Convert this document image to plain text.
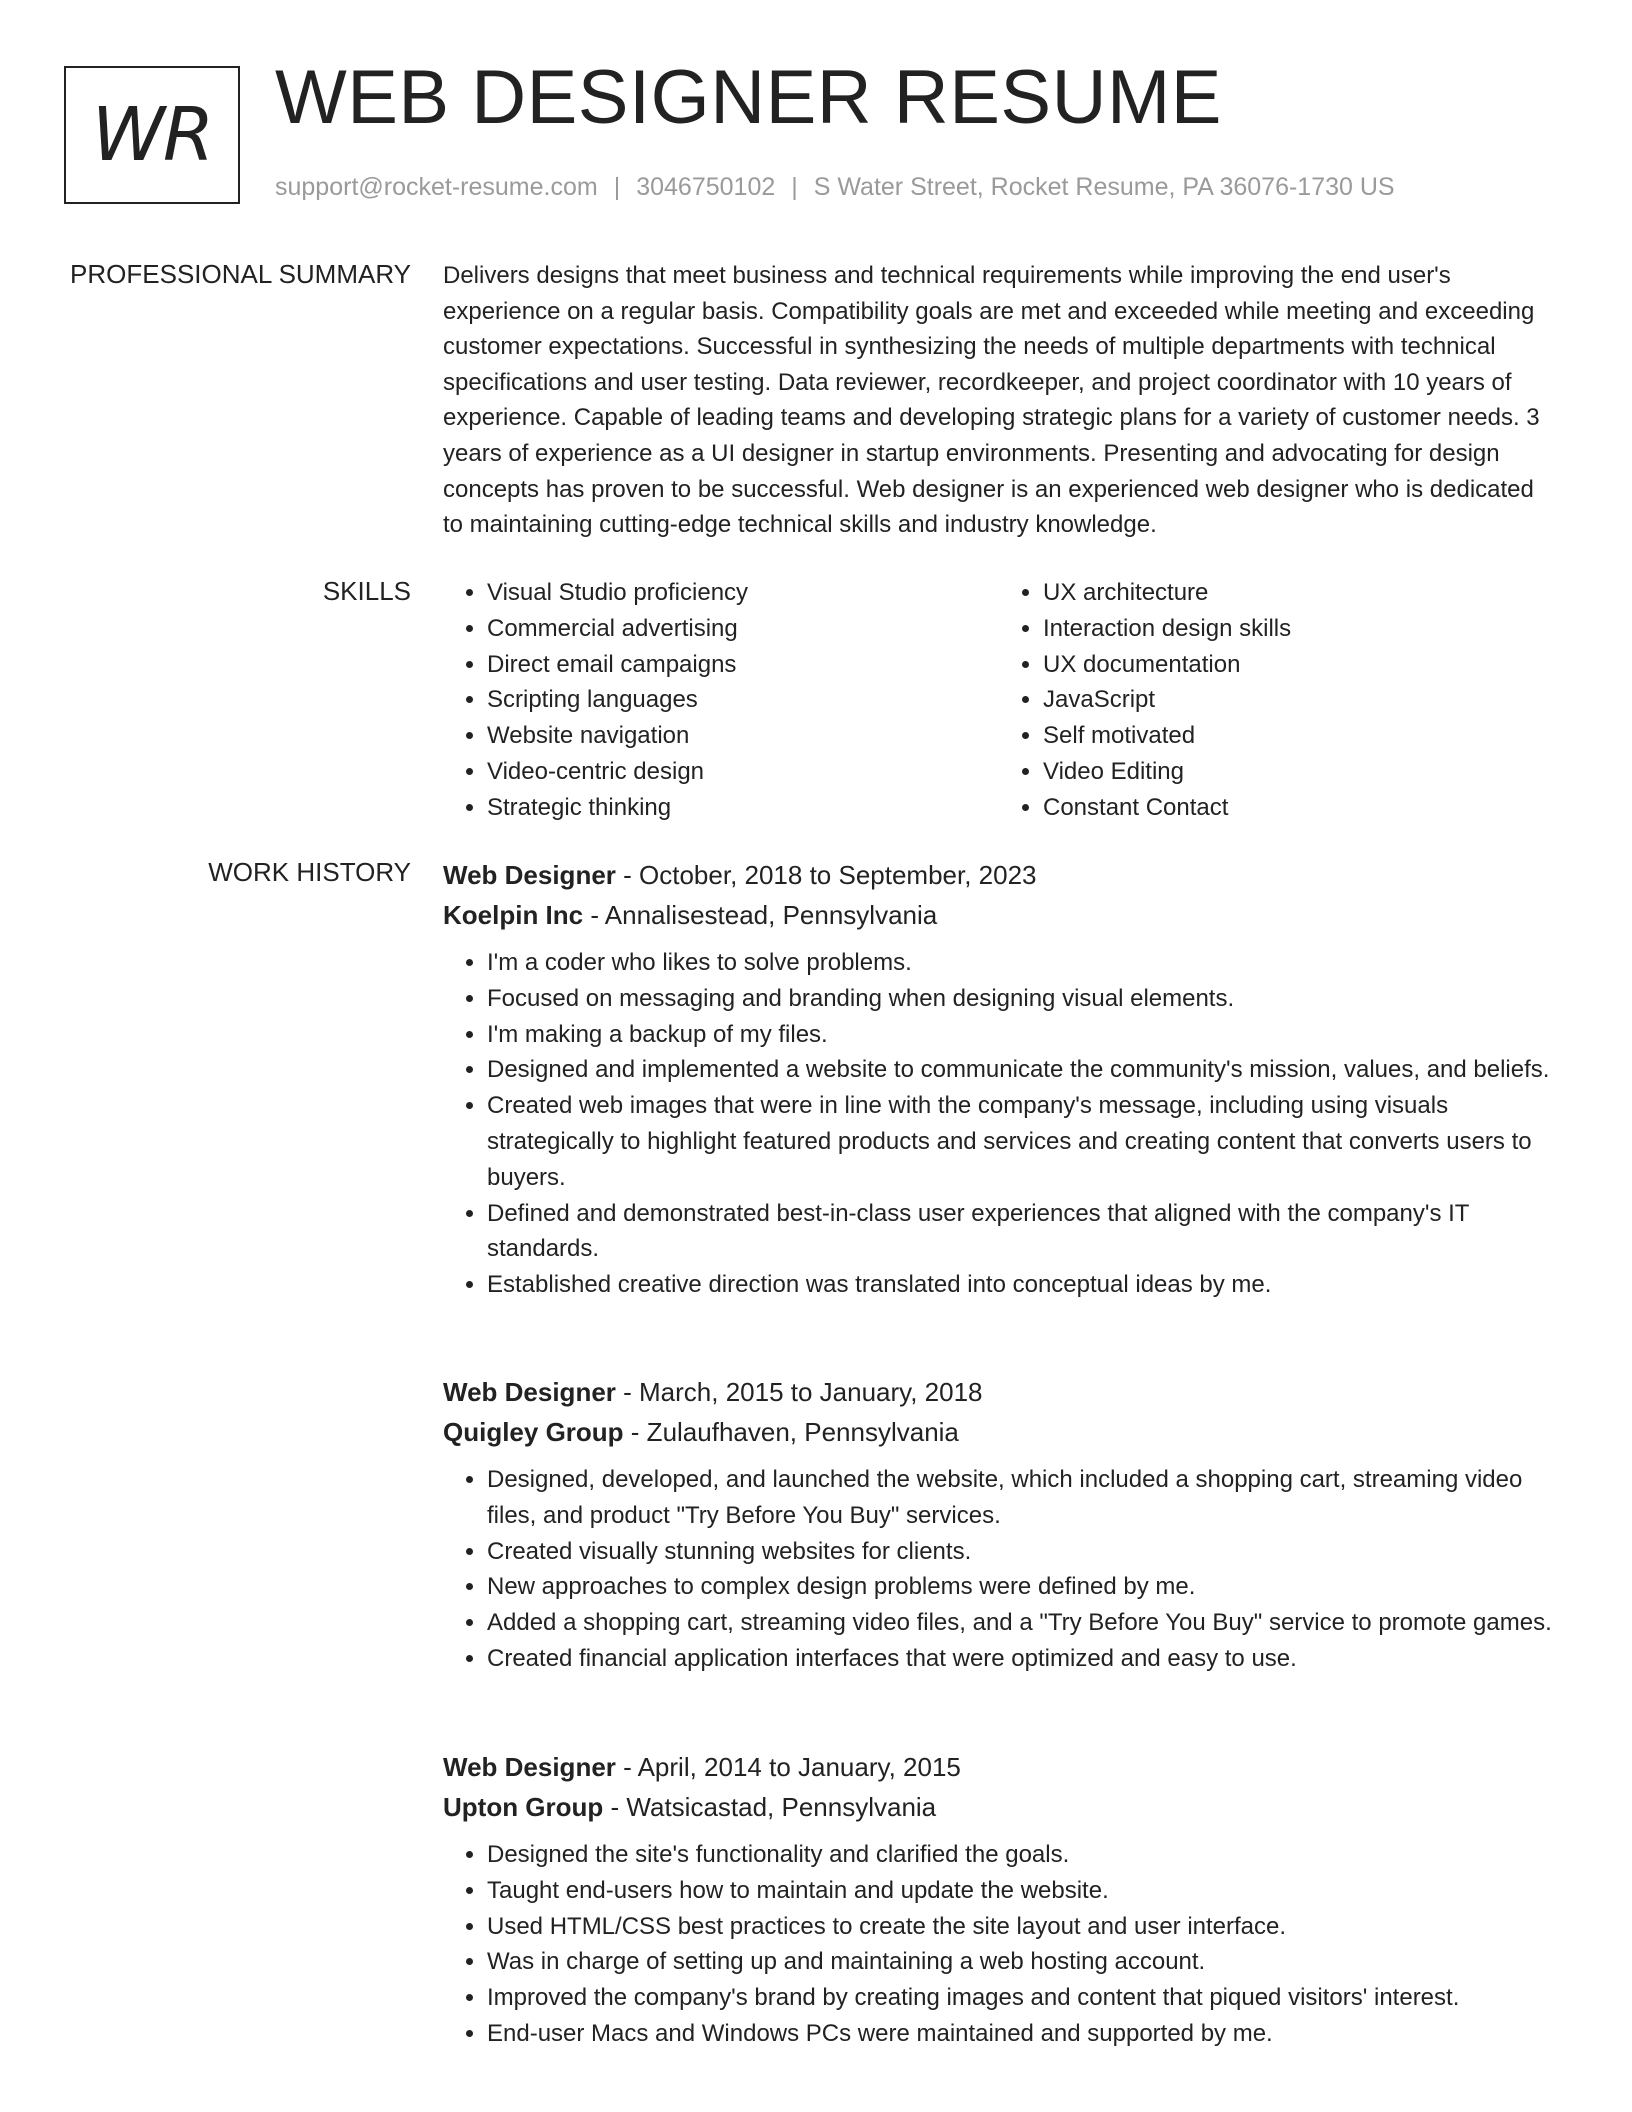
WR WEB DESIGNER RESUME
support@rocket-resume.com | 3046750102 | S Water Street, Rocket Resume, PA 36076-1730 US
PROFESSIONAL SUMMARY Delivers designs that meet business and technical requirements while improving the end user's experience on a regular basis. Compatibility goals are met and exceeded while meeting and exceeding customer expectations. Successful in synthesizing the needs of multiple departments with technical specifications and user testing. Data reviewer, recordkeeper, and project coordinator with 10 years of experience. Capable of leading teams and developing strategic plans for a variety of customer needs. 3 years of experience as a UI designer in startup environments. Presenting and advocating for design concepts has proven to be successful. Web designer is an experienced web designer who is dedicated to maintaining cutting-edge technical skills and industry knowledge.

SKILLS
•	Visual Studio proficiency
• Commercial advertising
• Direct email campaigns
• Scripting languages
• Website navigation
• Video-centric design
• Strategic thinking
• UX architecture
• Interaction design skills
• UX documentation
• JavaScript
• Self motivated
• Video Editing
• Constant Contact
WORK HISTORY Web Designer - October, 2018 to September, 2023
Koelpin Inc - Annalisestead, Pennsylvania
• I'm a coder who likes to solve problems.
• Focused on messaging and branding when designing visual elements.
• I'm making a backup of my files.
• Designed and implemented a website to communicate the community's mission, values, and beliefs.
• Created web images that were in line with the company's message, including using visuals strategically to highlight featured products and services and creating content that converts users to buyers.
• Defined and demonstrated best-in-class user experiences that aligned with the company's IT standards.
• Established creative direction was translated into conceptual ideas by me.
Web Designer - March, 2015 to January, 2018
Quigley Group - Zulaufhaven, Pennsylvania
• Designed, developed, and launched the website, which included a shopping cart, streaming video files, and product "Try Before You Buy" services.
• Created visually stunning websites for clients.
• New approaches to complex design problems were defined by me.
• Added a shopping cart, streaming video files, and a "Try Before You Buy" service to promote games.
• Created financial application interfaces that were optimized and easy to use.
Web Designer - April, 2014 to January, 2015
Upton Group - Watsicastad, Pennsylvania
• Designed the site's functionality and clarified the goals.
• Taught end-users how to maintain and update the website.
• Used HTML/CSS best practices to create the site layout and user interface.
• Was in charge of setting up and maintaining a web hosting account.
• Improved the company's brand by creating images and content that piqued visitors' interest.
• End-user Macs and Windows PCs were maintained and supported by me.
